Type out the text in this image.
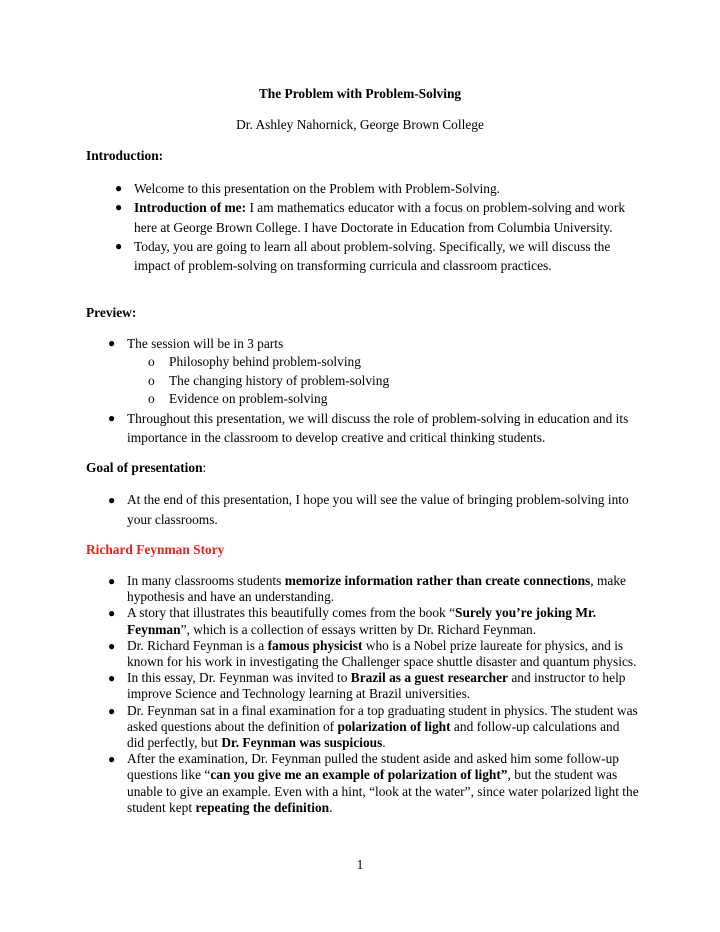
The Problem with Problem-Solving
Dr. Ashley Nahornick, George Brown College
Introduction:
● Welcome to this presentation on the Problem with Problem-Solving.
● Introduction of me: I am mathematics educator with a focus on problem-solving and work here at George Brown College. I have Doctorate in Education from Columbia University.
● Today, you are going to learn all about problem-solving. Specifically, we will discuss the impact of problem-solving on transforming curricula and classroom practices.
Preview:
● The session will be in 3 parts
o Philosophy behind problem-solving
o The changing history of problem-solving
o Evidence on problem-solving
● Throughout this presentation, we will discuss the role of problem-solving in education and its importance in the classroom to develop creative and critical thinking students.
Goal of presentation:
● At the end of this presentation, I hope you will see the value of bringing problem-solving into your classrooms.
Richard Feynman Story
● In many classrooms students memorize information rather than create connections, make hypothesis and have an understanding.
● A story that illustrates this beautifully comes from the book “Surely you’re joking Mr. Feynman”, which is a collection of essays written by Dr. Richard Feynman.
● Dr. Richard Feynman is a famous physicist who is a Nobel prize laureate for physics, and is known for his work in investigating the Challenger space shuttle disaster and quantum physics.
● In this essay, Dr. Feynman was invited to Brazil as a guest researcher and instructor to help improve Science and Technology learning at Brazil universities.
● Dr. Feynman sat in a final examination for a top graduating student in physics. The student was asked questions about the definition of polarization of light and follow-up calculations and did perfectly, but Dr. Feynman was suspicious.
● After the examination, Dr. Feynman pulled the student aside and asked him some follow-up questions like “can you give me an example of polarization of light”, but the student was unable to give an example. Even with a hint, “look at the water”, since water polarized light the student kept repeating the definition.
1
